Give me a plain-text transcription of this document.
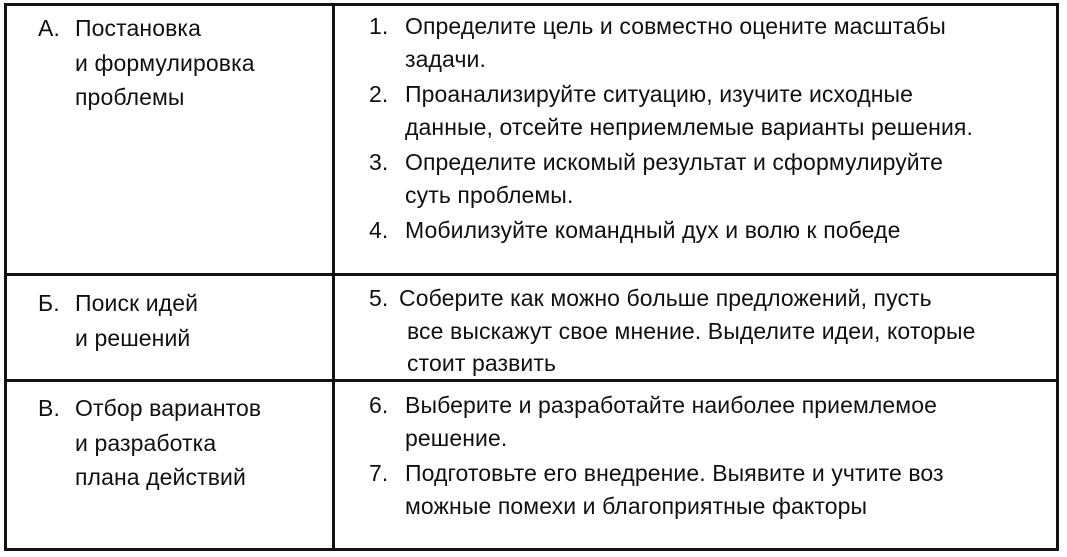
А. Постановка
и формулировка
проблемы
1. Определите цель и совместно оцените масштабы
задачи.
2. Проанализируйте ситуацию, изучите исходные
данные, отсейте неприемлемые варианты решения.
3. Определите искомый результат и сформулируйте
суть проблемы.
4. Мобилизуйте командный дух и волю к победе
Б. Поиск идей
и решений
5. Соберите как можно больше предложений, пусть
все выскажут свое мнение. Выделите идеи, которые
стоит развить
В. Отбор вариантов
и разработка
плана действий
6. Выберите и разработайте наиболее приемлемое
решение.
7. Подготовьте его внедрение. Выявите и учтите воз
можные помехи и благоприятные факторы
